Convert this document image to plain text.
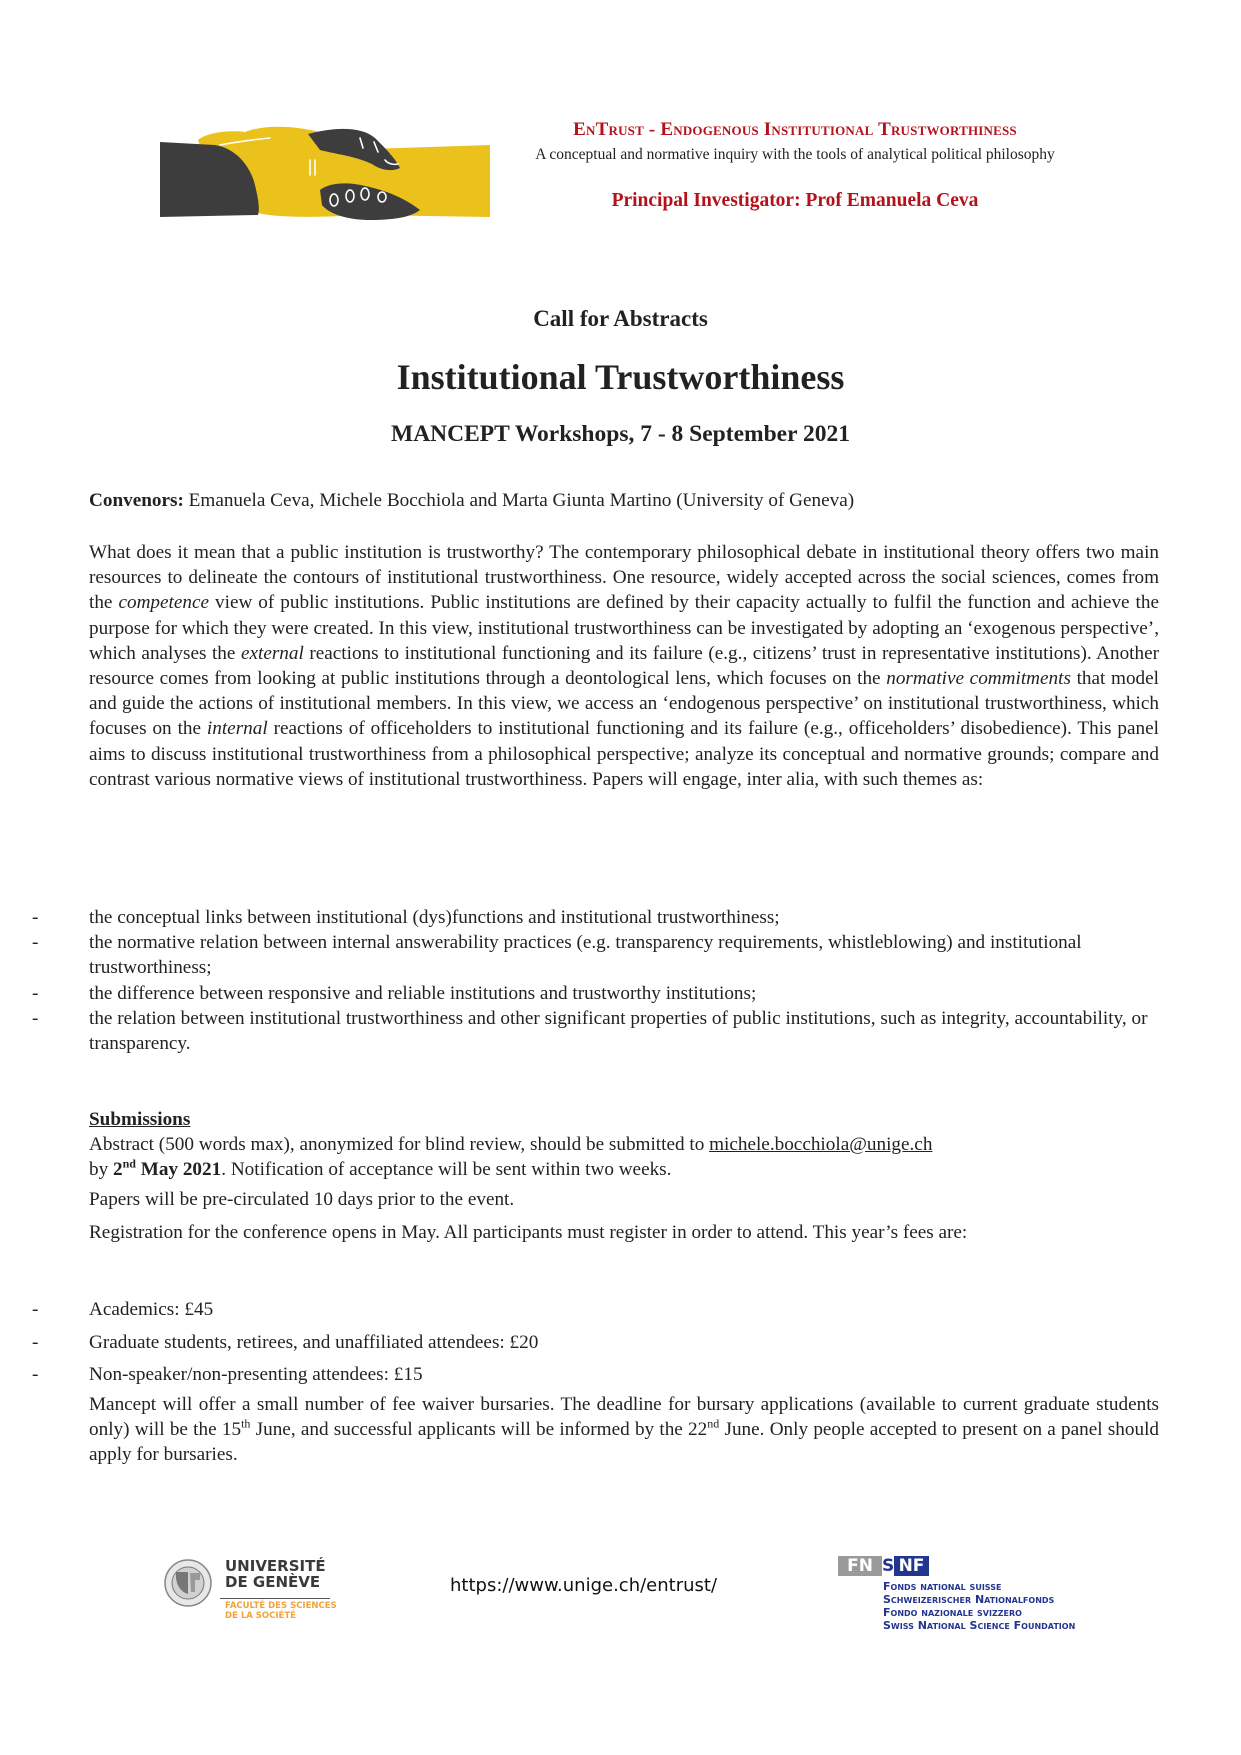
EnTrust - Endogenous Institutional Trustworthiness
A conceptual and normative inquiry with the tools of analytical political philosophy
Principal Investigator: Prof Emanuela Ceva
Call for Abstracts
Institutional Trustworthiness
MANCEPT Workshops, 7 - 8 September 2021
Convenors: Emanuela Ceva, Michele Bocchiola and Marta Giunta Martino (University of Geneva)
What does it mean that a public institution is trustworthy? The contemporary philosophical debate in institutional theory offers two main resources to delineate the contours of institutional trustworthiness. One resource, widely accepted across the social sciences, comes from the competence view of public institutions. Public institutions are defined by their capacity actually to fulfil the function and achieve the purpose for which they were created. In this view, institutional trustworthiness can be investigated by adopting an ‘exogenous perspective’, which analyses the external reactions to institutional functioning and its failure (e.g., citizens’ trust in representative institutions). Another resource comes from looking at public institutions through a deontological lens, which focuses on the normative commitments that model and guide the actions of institutional members. In this view, we access an ‘endogenous perspective’ on institutional trustworthiness, which focuses on the internal reactions of officeholders to institutional functioning and its failure (e.g., officeholders’ disobedience). This panel aims to discuss institutional trustworthiness from a philosophical perspective; analyze its conceptual and normative grounds; compare and contrast various normative views of institutional trustworthiness. Papers will engage, inter alia, with such themes as:
-	the conceptual links between institutional (dys)functions and institutional trustworthiness;
-	the normative relation between internal answerability practices (e.g. transparency requirements, whistleblowing) and institutional trustworthiness;
-	the difference between responsive and reliable institutions and trustworthy institutions;
-	the relation between institutional trustworthiness and other significant properties of public institutions, such as integrity, accountability, or transparency.
Submissions
Abstract (500 words max), anonymized for blind review, should be submitted to michele.bocchiola@unige.ch
by 2nd May 2021. Notification of acceptance will be sent within two weeks.
Papers will be pre-circulated 10 days prior to the event.
Registration for the conference opens in May. All participants must register in order to attend. This year’s fees are:
-	Academics: £45
-	Graduate students, retirees, and unaffiliated attendees: £20
-	Non-speaker/non-presenting attendees: £15
Mancept will offer a small number of fee waiver bursaries. The deadline for bursary applications (available to current graduate students only) will be the 15th June, and successful applicants will be informed by the 22nd June. Only people accepted to present on a panel should apply for bursaries.
UNIVERSITÉ
DE GENÈVE
FACULTÉ DES SCIENCES
DE LA SOCIÉTÉ
https://www.unige.ch/entrust/
FN S NF
Fonds national suisse
Schweizerischer Nationalfonds
Fondo nazionale svizzero
Swiss National Science Foundation
